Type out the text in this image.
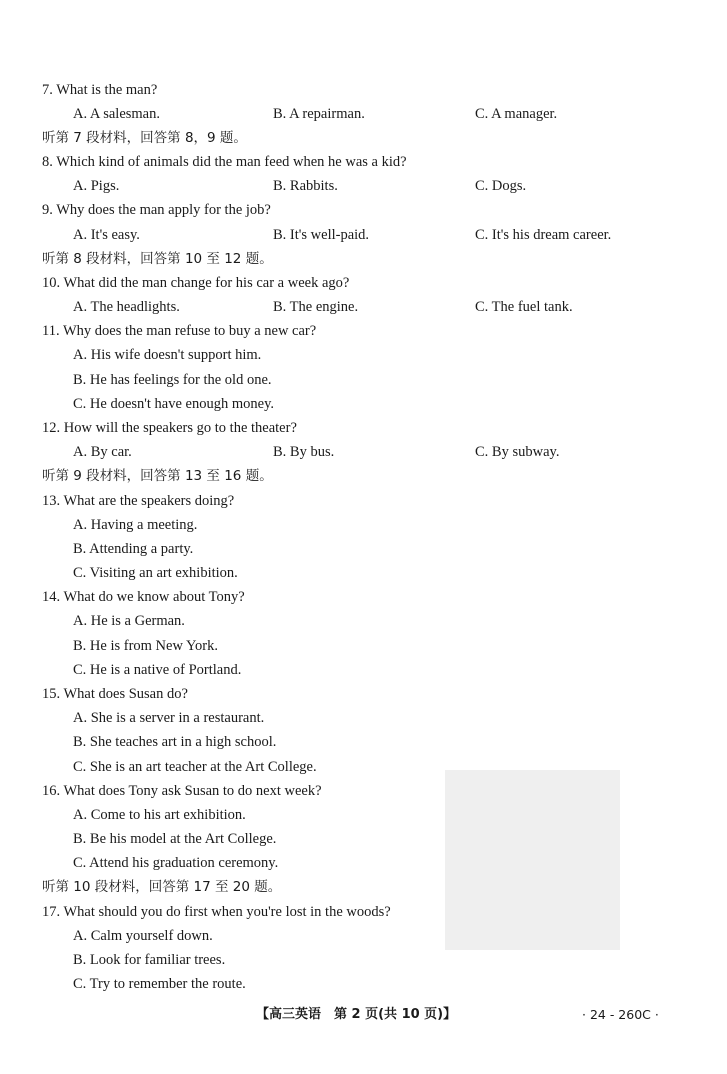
7. What is the man?
A. A salesman.	B. A repairman.	C. A manager.
听第 7 段材料，回答第 8，9 题。
8. Which kind of animals did the man feed when he was a kid?
A. Pigs.	B. Rabbits.	C. Dogs.
9. Why does the man apply for the job?
A. It's easy.	B. It's well-paid.	C. It's his dream career.
听第 8 段材料，回答第 10 至 12 题。
10. What did the man change for his car a week ago?
A. The headlights.	B. The engine.	C. The fuel tank.
11. Why does the man refuse to buy a new car?
A. His wife doesn't support him.
B. He has feelings for the old one.
C. He doesn't have enough money.
12. How will the speakers go to the theater?
A. By car.	B. By bus.	C. By subway.
听第 9 段材料，回答第 13 至 16 题。
13. What are the speakers doing?
A. Having a meeting.
B. Attending a party.
C. Visiting an art exhibition.
14. What do we know about Tony?
A. He is a German.
B. He is from New York.
C. He is a native of Portland.
15. What does Susan do?
A. She is a server in a restaurant.
B. She teaches art in a high school.
C. She is an art teacher at the Art College.
16. What does Tony ask Susan to do next week?
A. Come to his art exhibition.
B. Be his model at the Art College.
C. Attend his graduation ceremony.
听第 10 段材料，回答第 17 至 20 题。
17. What should you do first when you're lost in the woods?
A. Calm yourself down.
B. Look for familiar trees.
C. Try to remember the route.
【高三英语　第 2 页(共 10 页)】	· 24 - 260C ·
